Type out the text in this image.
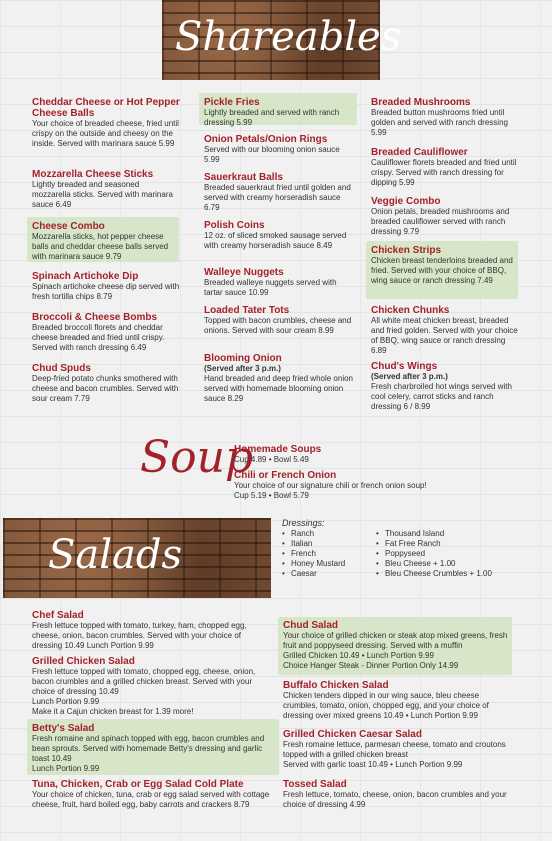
Shareables
Cheddar Cheese or Hot Pepper Cheese Balls
Your choice of breaded cheese, fried until crispy on the outside and cheesy on the inside. Served with marinara sauce 5.99
Mozzarella Cheese Sticks
Lightly breaded and seasoned mozzarella sticks. Served with marinara sauce 6.49
Cheese Combo
Mozzarella sticks, hot pepper cheese balls and cheddar cheese balls served with marinara sauce 9.79
Spinach Artichoke Dip
Spinach artichoke cheese dip served with fresh tortilla chips 8.79
Broccoli & Cheese Bombs
Breaded broccoli florets and cheddar cheese breaded and fried until crispy. Served with ranch dressing 6.49
Chud Spuds
Deep-fried potato chunks smothered with cheese and bacon crumbles. Served with sour cream 7.79
Pickle Fries
Lightly breaded and served with ranch dressing 5.99
Onion Petals/Onion Rings
Served with our blooming onion sauce 5.99
Sauerkraut Balls
Breaded sauerkraut fried until golden and served with creamy horseradish sauce 6.79
Polish Coins
12 oz. of sliced smoked sausage served with creamy horseradish sauce 8.49
Walleye Nuggets
Breaded walleye nuggets served with tartar sauce 10.99
Loaded Tater Tots
Topped with bacon crumbles, cheese and onions. Served with sour cream 8.99
Blooming Onion
(Served after 3 p.m.)
Hand breaded and deep fried whole onion served with homemade blooming onion sauce 8.29
Breaded Mushrooms
Breaded button mushrooms fried until golden and served with ranch dressing 5.99
Breaded Cauliflower
Cauliflower florets breaded and fried until crispy. Served with ranch dressing for dipping 5.99
Veggie Combo
Onion petals, breaded mushrooms and breaded cauliflower served with ranch dressing 9.79
Chicken Strips
Chicken breast tenderloins breaded and fried. Served with your choice of BBQ, wing sauce or ranch dressing 7.49
Chicken Chunks
All white meat chicken breast, breaded and fried golden. Served with your choice of BBQ, wing sauce or ranch dressing 6.89
Chud's Wings
(Served after 3 p.m.)
Fresh charbroiled hot wings served with cool celery, carrot sticks and ranch dressing 6 / 8.99
Soup
Homemade Soups
Cup 4.89 • Bowl 5.49
Chili or French Onion
Your choice of our signature chili or french onion soup! Cup 5.19 • Bowl 5.79
Salads
Dressings:
• Ranch
• Italian
• French
• Honey Mustard
• Caesar
• Thousand Island
• Fat Free Ranch
• Poppyseed
• Bleu Cheese + 1.00
• Bleu Cheese Crumbles + 1.00
Chef Salad
Fresh lettuce topped with tomato, turkey, ham, chopped egg, cheese, onion, bacon crumbles. Served with your choice of dressing 10.49 Lunch Portion 9.99
Grilled Chicken Salad
Fresh lettuce topped with tomato, chopped egg, cheese, onion, bacon crumbles and a grilled chicken breast. Served with your choice of dressing 10.49
Lunch Portion 9.99
Make it a Cajun chicken breast for 1.39 more!
Betty's Salad
Fresh romaine and spinach topped with egg, bacon crumbles and bean sprouts. Served with homemade Betty's dressing and garlic toast 10.49
Lunch Portion 9.99
Tuna, Chicken, Crab or Egg Salad Cold Plate
Your choice of chicken, tuna, crab or egg salad served with cottage cheese, fruit, hard boiled egg, baby carrots and crackers 8.79
Chud Salad
Your choice of grilled chicken or steak atop mixed greens, fresh fruit and poppyseed dressing. Served with a muffin
Grilled Chicken 10.49 • Lunch Portion 9.99
Choice Hanger Steak - Dinner Portion Only 14.99
Buffalo Chicken Salad
Chicken tenders dipped in our wing sauce, bleu cheese crumbles, tomato, onion, chopped egg, and your choice of dressing over mixed greens 10.49 • Lunch Portion 9.99
Grilled Chicken Caesar Salad
Fresh romaine lettuce, parmesan cheese, tomato and croutons topped with a grilled chicken breast
Served with garlic toast 10.49 • Lunch Portion 9.99
Tossed Salad
Fresh lettuce, tomato, cheese, onion, bacon crumbles and your choice of dressing 4.99
